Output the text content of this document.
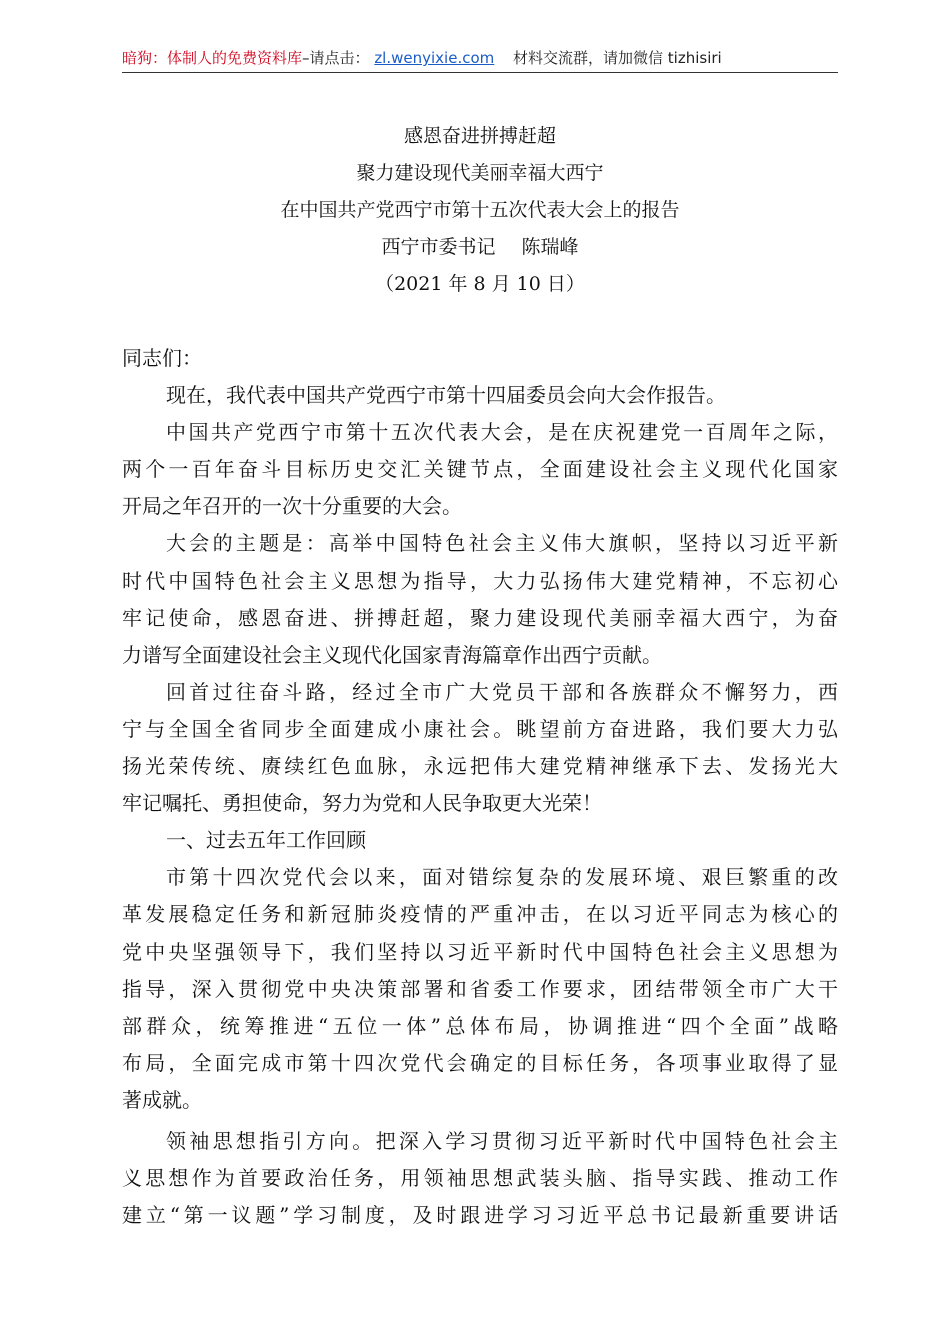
暗狗：体制人的免费资料库–请点击： zl.wenyixie.com 材料交流群，请加微信 tizhisiri
感恩奋进拼搏赶超
聚力建设现代美丽幸福大西宁
在中国共产党西宁市第十五次代表大会上的报告
西宁市委书记 陈瑞峰
（2021 年 8 月 10 日）
同志们：
现在，我代表中国共产党西宁市第十四届委员会向大会作报告。
中国共产党西宁市第十五次代表大会，是在庆祝建党一百周年之际，
两个一百年奋斗目标历史交汇关键节点，全面建设社会主义现代化国家
开局之年召开的一次十分重要的大会。
大会的主题是：高举中国特色社会主义伟大旗帜，坚持以习近平新
时代中国特色社会主义思想为指导，大力弘扬伟大建党精神，不忘初心
牢记使命，感恩奋进、拼搏赶超，聚力建设现代美丽幸福大西宁，为奋
力谱写全面建设社会主义现代化国家青海篇章作出西宁贡献。
回首过往奋斗路，经过全市广大党员干部和各族群众不懈努力，西
宁与全国全省同步全面建成小康社会。眺望前方奋进路，我们要大力弘
扬光荣传统、赓续红色血脉，永远把伟大建党精神继承下去、发扬光大
牢记嘱托、勇担使命，努力为党和人民争取更大光荣！
一、过去五年工作回顾
市第十四次党代会以来，面对错综复杂的发展环境、艰巨繁重的改
革发展稳定任务和新冠肺炎疫情的严重冲击，在以习近平同志为核心的
党中央坚强领导下，我们坚持以习近平新时代中国特色社会主义思想为
指导，深入贯彻党中央决策部署和省委工作要求，团结带领全市广大干
部群众，统筹推进“五位一体”总体布局，协调推进“四个全面”战略
布局，全面完成市第十四次党代会确定的目标任务，各项事业取得了显
著成就。
领袖思想指引方向。把深入学习贯彻习近平新时代中国特色社会主
义思想作为首要政治任务，用领袖思想武装头脑、指导实践、推动工作
建立“第一议题”学习制度，及时跟进学习习近平总书记最新重要讲话
